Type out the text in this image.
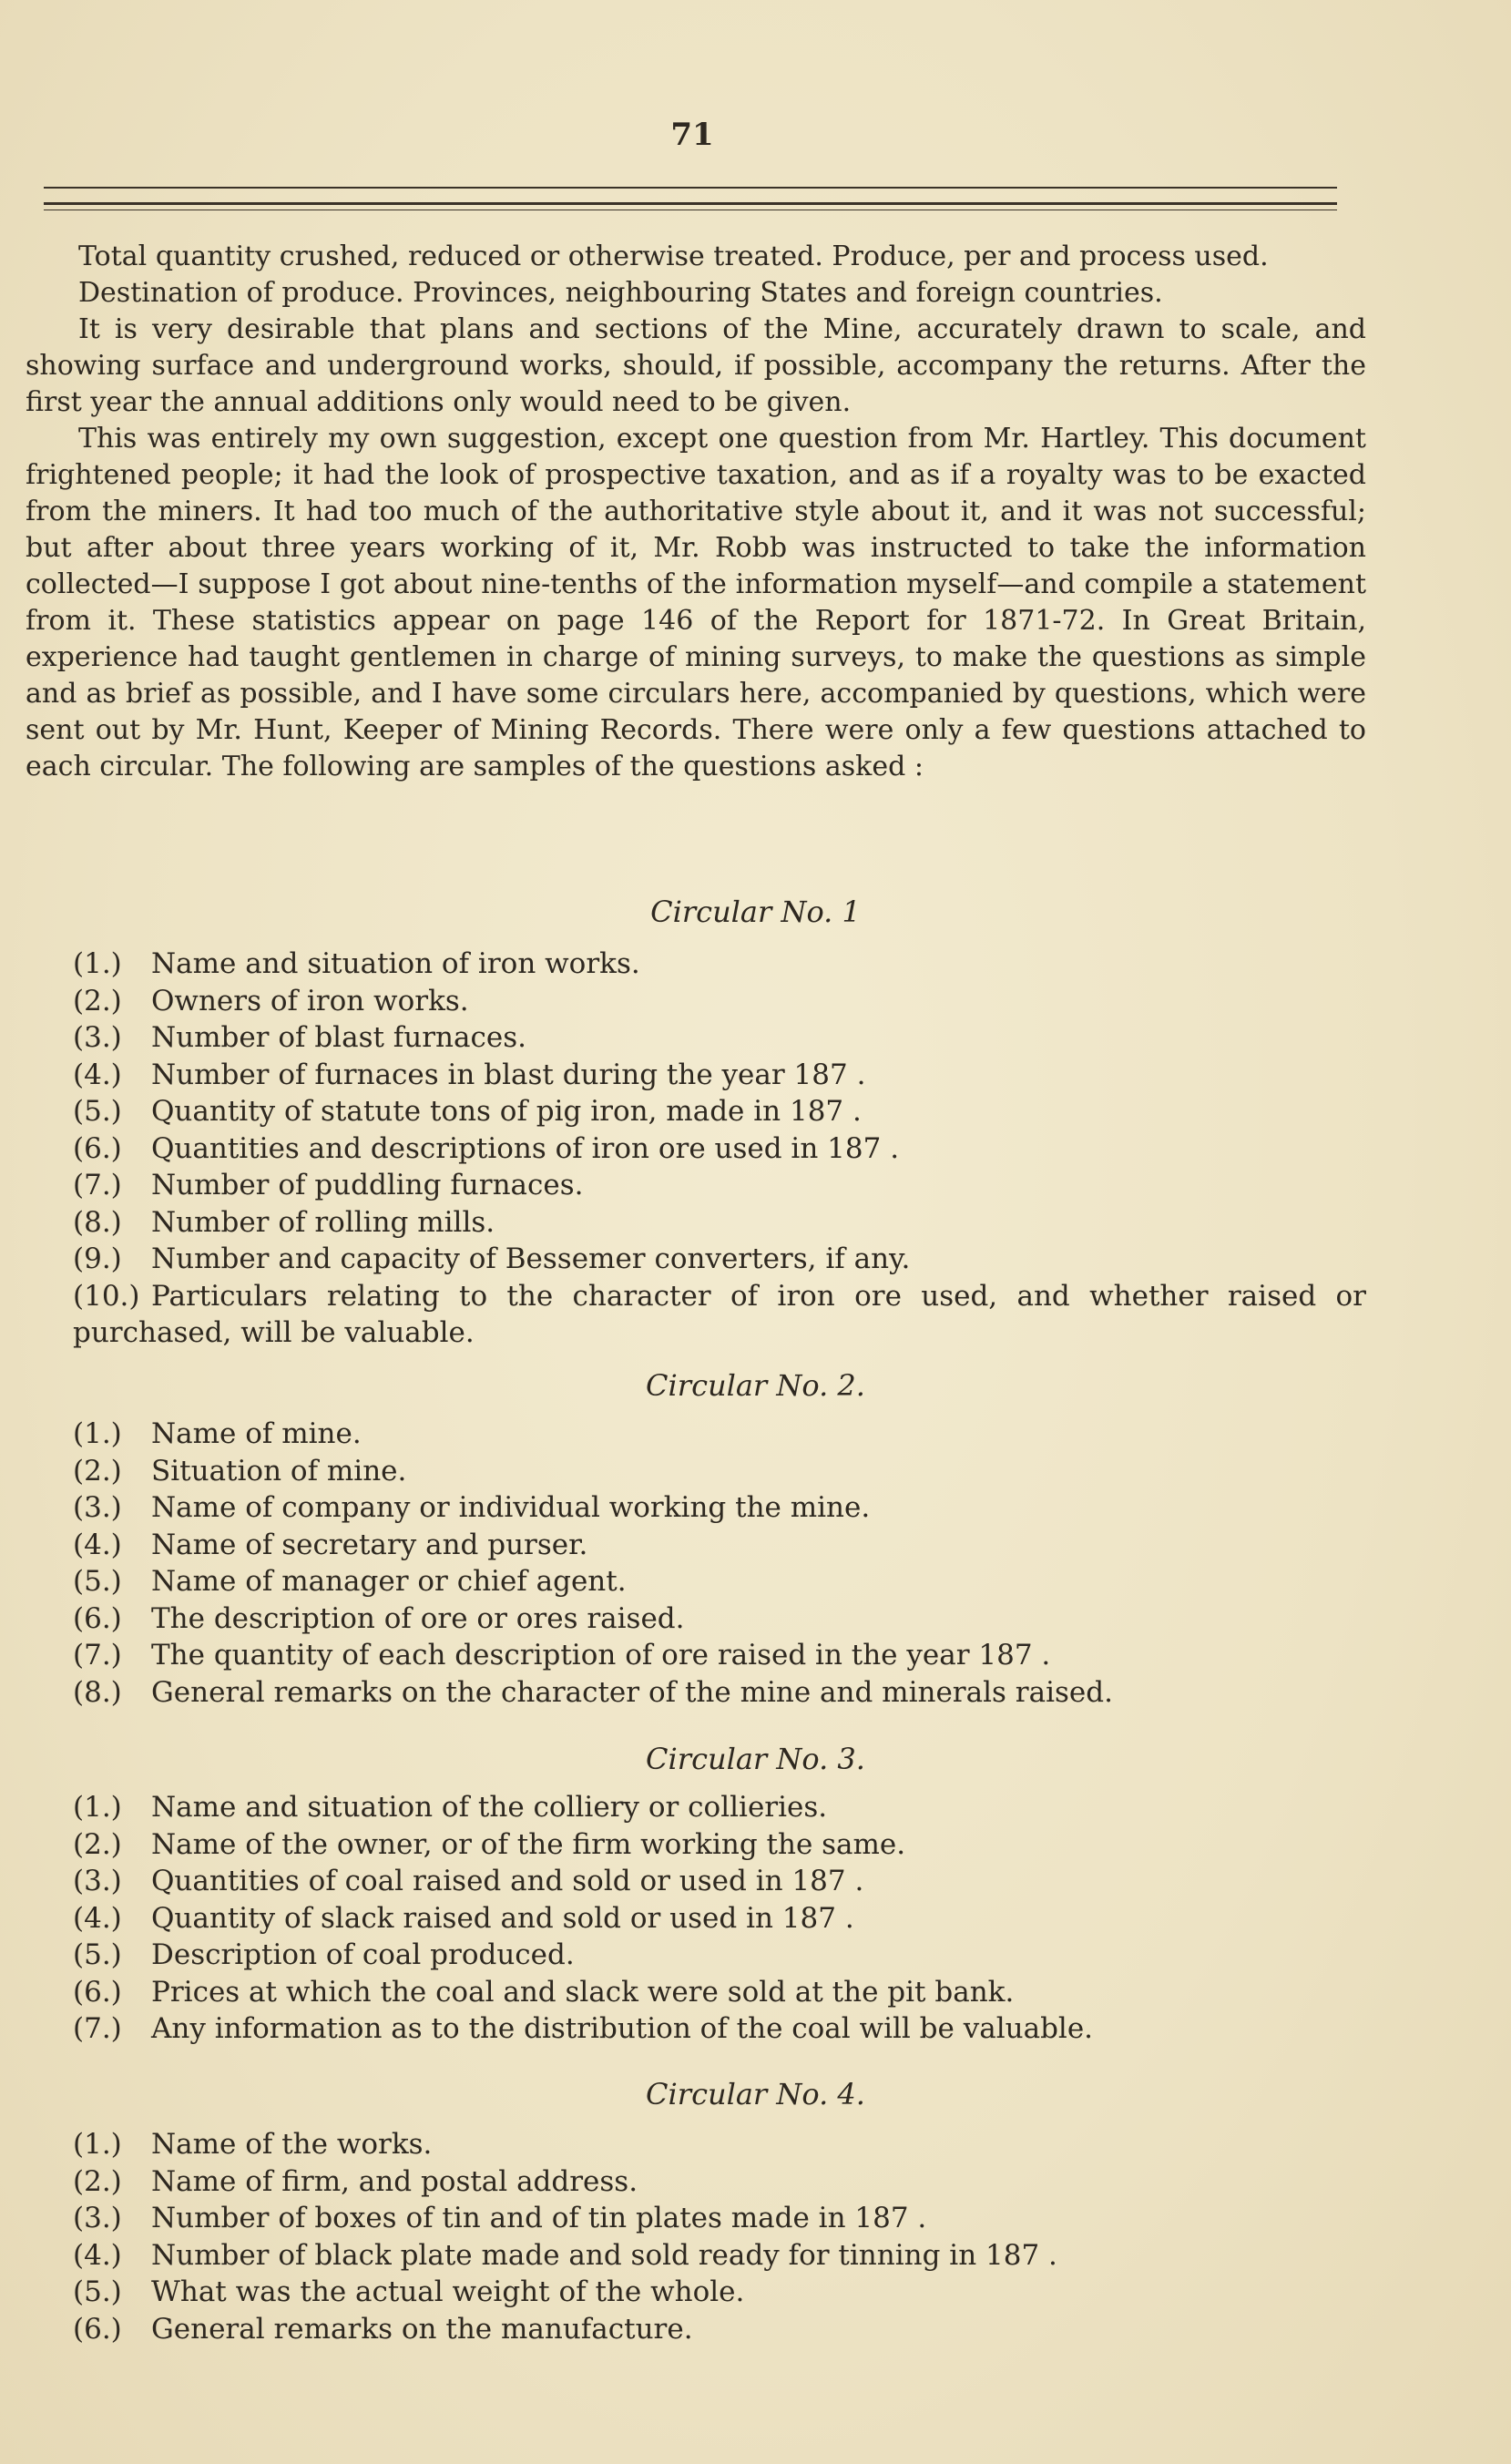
71

Total quantity crushed, reduced or otherwise treated. Produce, per and process used.

Destination of produce. Provinces, neighbouring States and foreign countries.

It is very desirable that plans and sections of the Mine, accurately drawn to scale, and showing surface and underground works, should, if possible, accompany the returns. After the first year the annual additions only would need to be given.

This was entirely my own suggestion, except one question from Mr. Hartley. This document frightened people; it had the look of prospective taxation, and as if a royalty was to be exacted from the miners. It had too much of the authoritative style about it, and it was not successful; but after about three years working of it, Mr. Robb was instructed to take the information collected—I suppose I got about nine-tenths of the information myself—and compile a statement from it. These statistics appear on page 146 of the Report for 1871-72. In Great Britain, experience had taught gentlemen in charge of mining surveys, to make the questions as simple and as brief as possible, and I have some circulars here, accompanied by questions, which were sent out by Mr. Hunt, Keeper of Mining Records. There were only a few questions attached to each circular. The following are samples of the questions asked :

Circular No. 1
(1.) Name and situation of iron works.
(2.) Owners of iron works.
(3.) Number of blast furnaces.
(4.) Number of furnaces in blast during the year 187 .
(5.) Quantity of statute tons of pig iron, made in 187 .
(6.) Quantities and descriptions of iron ore used in 187 .
(7.) Number of puddling furnaces.
(8.) Number of rolling mills.
(9.) Number and capacity of Bessemer converters, if any.
(10.) Particulars relating to the character of iron ore used, and whether raised or purchased, will be valuable.
Circular No. 2.
(1.) Name of mine.
(2.) Situation of mine.
(3.) Name of company or individual working the mine.
(4.) Name of secretary and purser.
(5.) Name of manager or chief agent.
(6.) The description of ore or ores raised.
(7.) The quantity of each description of ore raised in the year 187 .
(8.) General remarks on the character of the mine and minerals raised.
Circular No. 3.
(1.) Name and situation of the colliery or collieries.
(2.) Name of the owner, or of the firm working the same.
(3.) Quantities of coal raised and sold or used in 187 .
(4.) Quantity of slack raised and sold or used in 187 .
(5.) Description of coal produced.
(6.) Prices at which the coal and slack were sold at the pit bank.
(7.) Any information as to the distribution of the coal will be valuable.
Circular No. 4.
(1.) Name of the works.
(2.) Name of firm, and postal address.
(3.) Number of boxes of tin and of tin plates made in 187 .
(4.) Number of black plate made and sold ready for tinning in 187 .
(5.) What was the actual weight of the whole.
(6.) General remarks on the manufacture.
